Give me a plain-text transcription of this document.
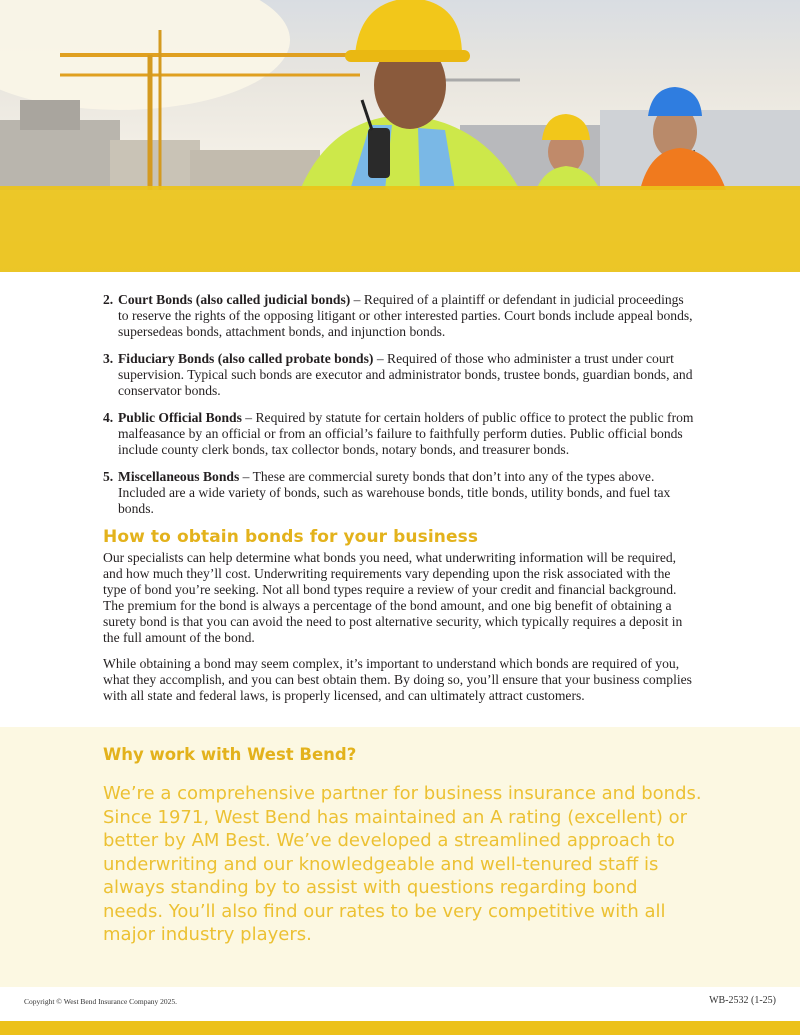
2. Court Bonds (also called judicial bonds) – Required of a plaintiff or defendant in judicial proceedings to reserve the rights of the opposing litigant or other interested parties. Court bonds include appeal bonds, supersedeas bonds, attachment bonds, and injunction bonds.
3. Fiduciary Bonds (also called probate bonds) – Required of those who administer a trust under court supervision. Typical such bonds are executor and administrator bonds, trustee bonds, guardian bonds, and conservator bonds.
4. Public Official Bonds – Required by statute for certain holders of public office to protect the public from malfeasance by an official or from an official’s failure to faithfully perform duties. Public official bonds include county clerk bonds, tax collector bonds, notary bonds, and treasurer bonds.
5. Miscellaneous Bonds – These are commercial surety bonds that don’t into any of the types above. Included are a wide variety of bonds, such as warehouse bonds, title bonds, utility bonds, and fuel tax bonds.
How to obtain bonds for your business

Our specialists can help determine what bonds you need, what underwriting information will be required, and how much they’ll cost. Underwriting requirements vary depending upon the risk associated with the type of bond you’re seeking. Not all bond types require a review of your credit and financial background. The premium for the bond is always a percentage of the bond amount, and one big benefit of obtaining a surety bond is that you can avoid the need to post alternative security, which typically requires a deposit in the full amount of the bond.

While obtaining a bond may seem complex, it’s important to understand which bonds are required of you, what they accomplish, and you can best obtain them. By doing so, you’ll ensure that your business complies with all state and federal laws, is properly licensed, and can ultimately attract customers.

Why work with West Bend?

We’re a comprehensive partner for business insurance and bonds. Since 1971, West Bend has maintained an A rating (excellent) or better by AM Best. We’ve developed a streamlined approach to underwriting and our knowledgeable and well-tenured staff is always standing by to assist with questions regarding bond needs. You’ll also find our rates to be very competitive with all major industry players.

Copyright © West Bend Insurance Company 2025.	WB-2532 (1-25)
